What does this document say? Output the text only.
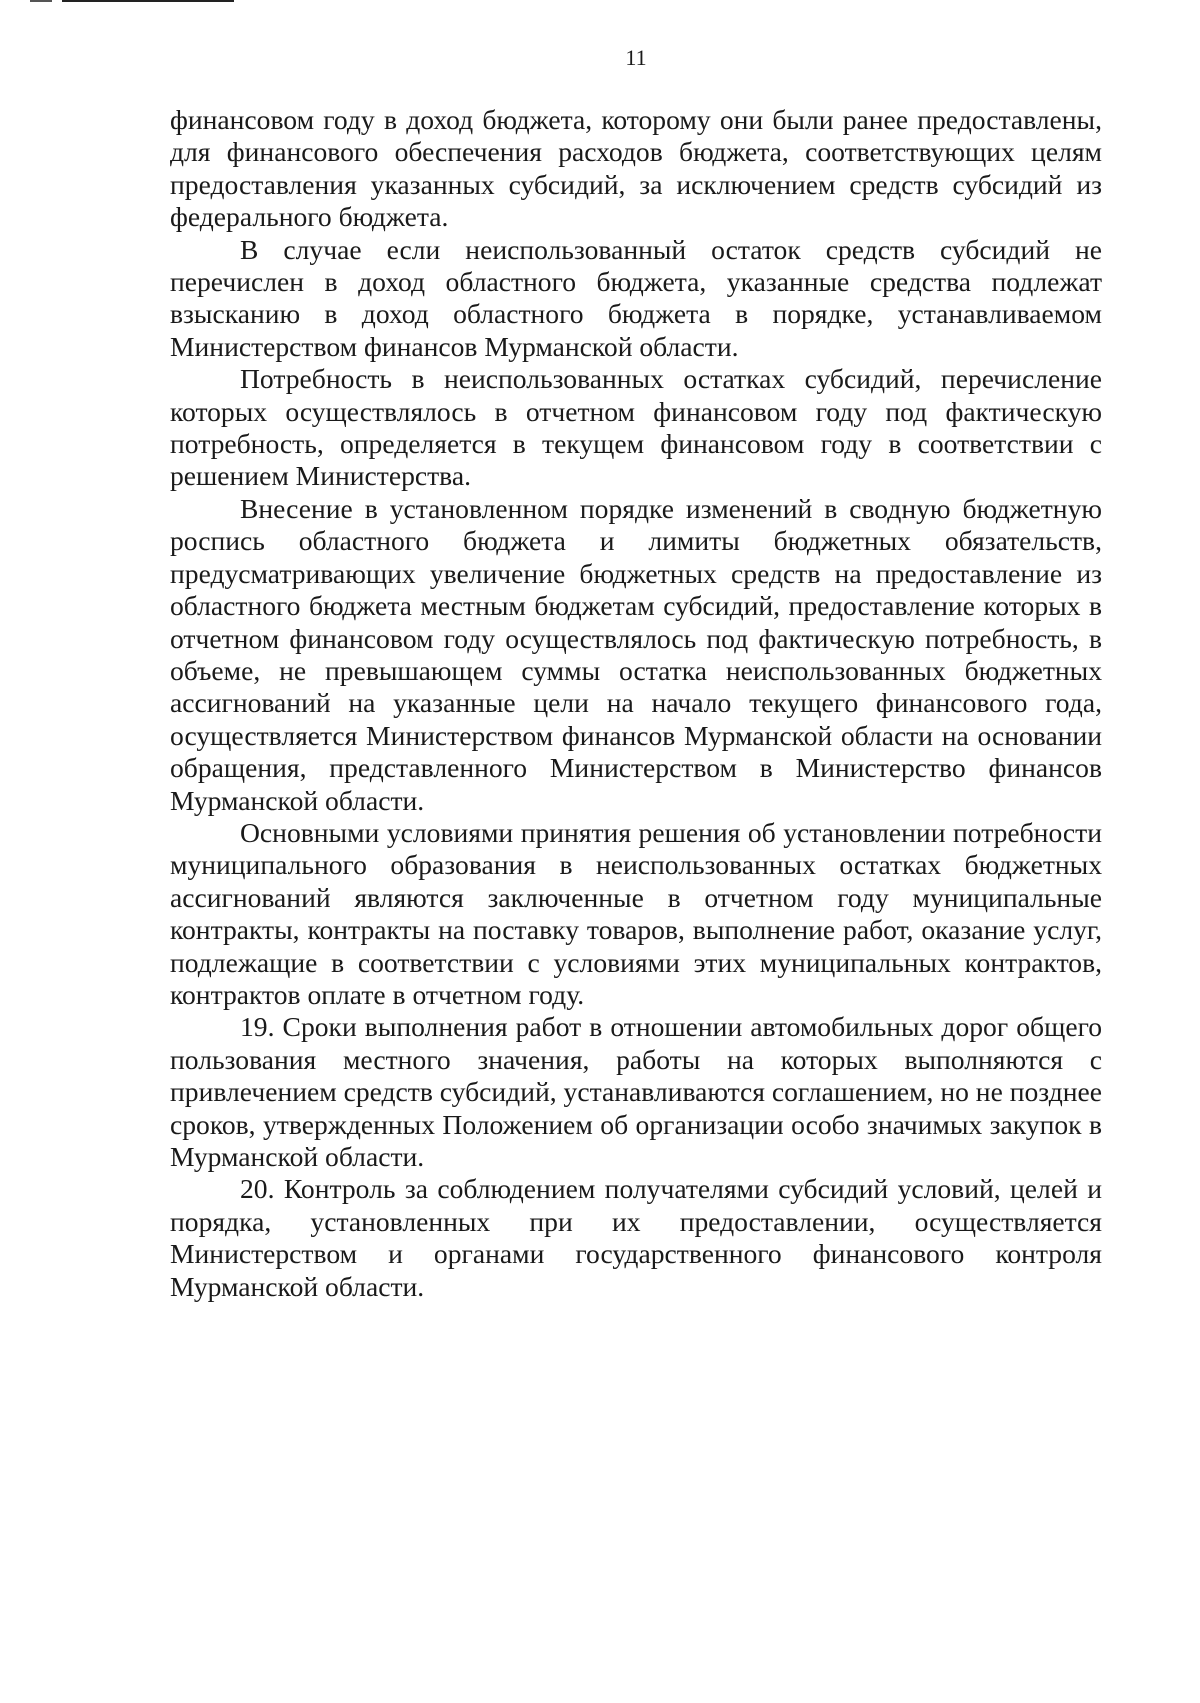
11

финансовом году в доход бюджета, которому они были ранее предоставлены, для финансового обеспечения расходов бюджета, соответствующих целям предоставления указанных субсидий, за исключением средств субсидий из федерального бюджета.

В случае если неиспользованный остаток средств субсидий не перечислен в доход областного бюджета, указанные средства подлежат взысканию в доход областного бюджета в порядке, устанавливаемом Министерством финансов Мурманской области.

Потребность в неиспользованных остатках субсидий, перечисление которых осуществлялось в отчетном финансовом году под фактическую потребность, определяется в текущем финансовом году в соответствии с решением Министерства.

Внесение в установленном порядке изменений в сводную бюджетную роспись областного бюджета и лимиты бюджетных обязательств, предусматривающих увеличение бюджетных средств на предоставление из областного бюджета местным бюджетам субсидий, предоставление которых в отчетном финансовом году осуществлялось под фактическую потребность, в объеме, не превышающем суммы остатка неиспользованных бюджетных ассигнований на указанные цели на начало текущего финансового года, осуществляется Министерством финансов Мурманской области на основании обращения, представленного Министерством в Министерство финансов Мурманской области.

Основными условиями принятия решения об установлении потребности муниципального образования в неиспользованных остатках бюджетных ассигнований являются заключенные в отчетном году муниципальные контракты, контракты на поставку товаров, выполнение работ, оказание услуг, подлежащие в соответствии с условиями этих муниципальных контрактов, контрактов оплате в отчетном году.

19. Сроки выполнения работ в отношении автомобильных дорог общего пользования местного значения, работы на которых выполняются с привлечением средств субсидий, устанавливаются соглашением, но не позднее сроков, утвержденных Положением об организации особо значимых закупок в Мурманской области.

20. Контроль за соблюдением получателями субсидий условий, целей и порядка, установленных при их предоставлении, осуществляется Министерством и органами государственного финансового контроля Мурманской области.
